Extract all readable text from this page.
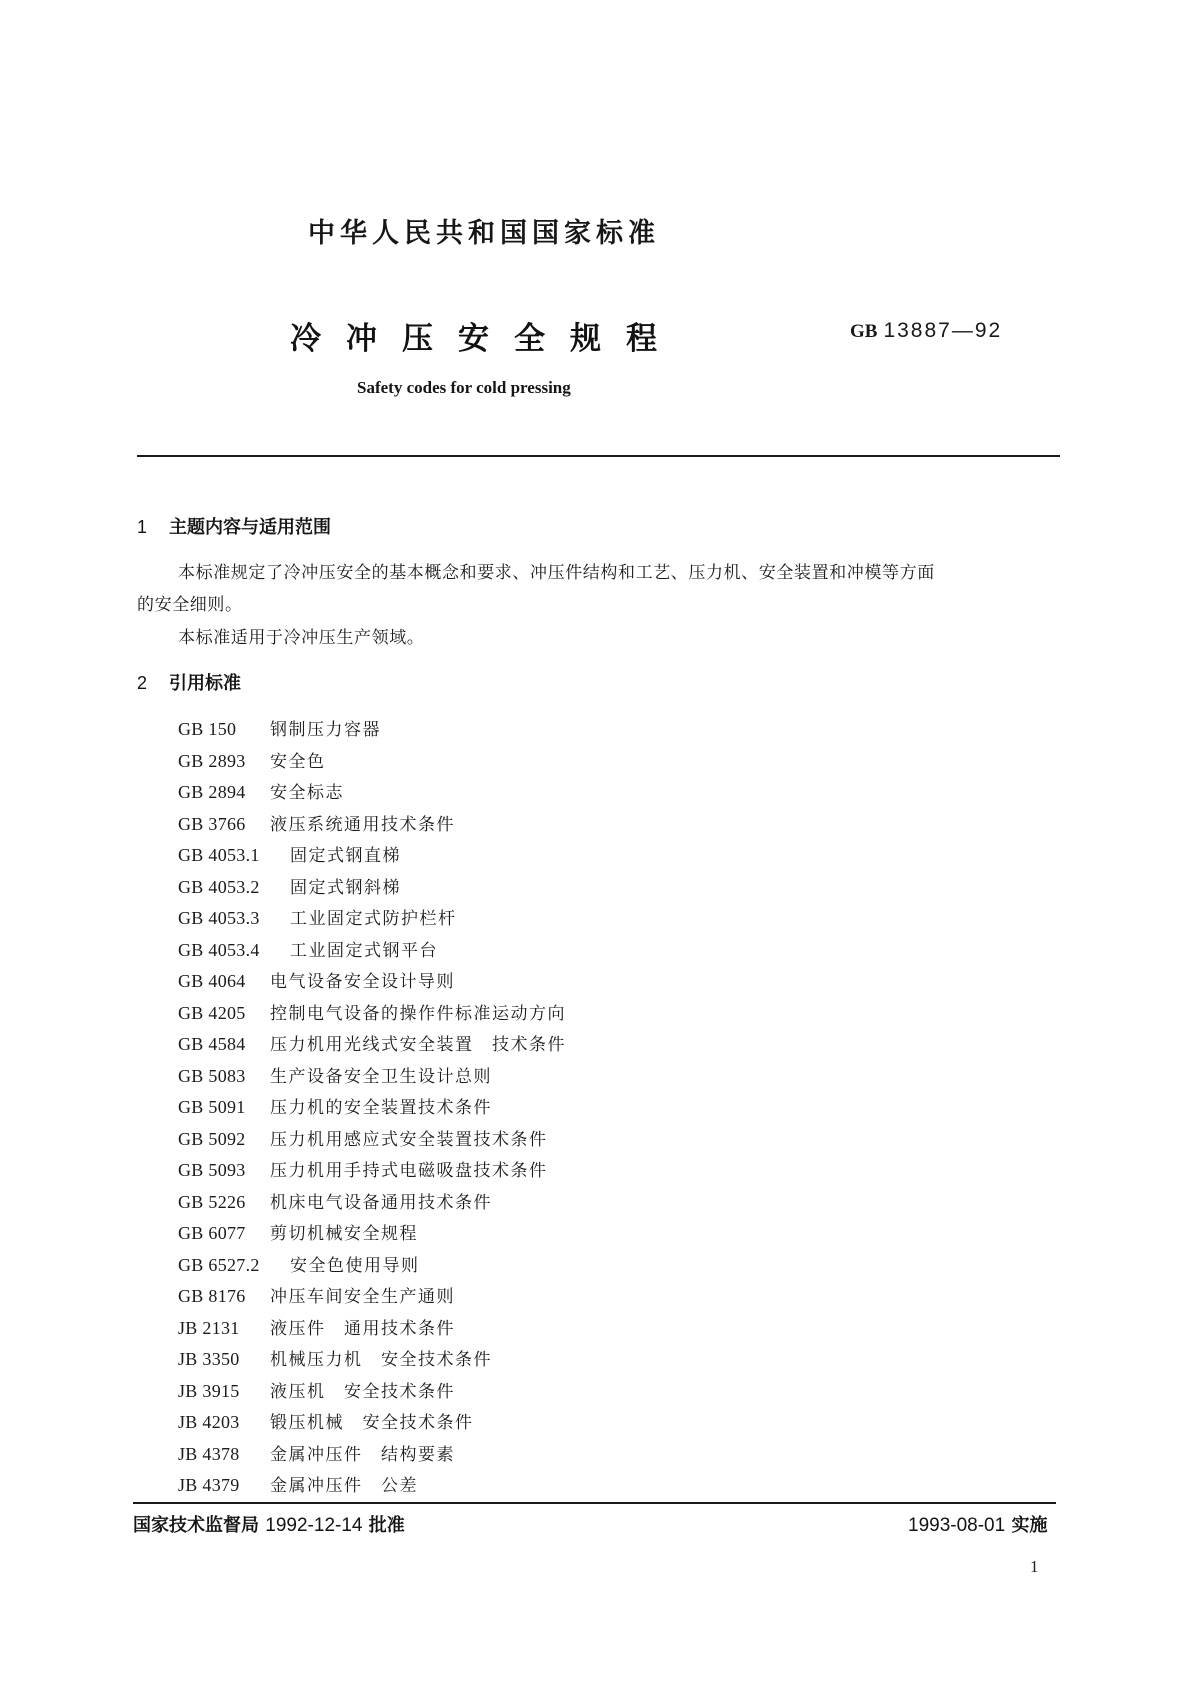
中华人民共和国国家标准
冷冲压安全规程	GB 13887—92
Safety codes for cold pressing
1 主题内容与适用范围
本标准规定了冷冲压安全的基本概念和要求、冲压件结构和工艺、压力机、安全装置和冲模等方面
的安全细则。
本标准适用于冷冲压生产领域。
2 引用标准
GB 150 钢制压力容器
GB 2893 安全色
GB 2894 安全标志
GB 3766 液压系统通用技术条件
GB 4053.1 固定式钢直梯
GB 4053.2 固定式钢斜梯
GB 4053.3 工业固定式防护栏杆
GB 4053.4 工业固定式钢平台
GB 4064 电气设备安全设计导则
GB 4205 控制电气设备的操作件标准运动方向
GB 4584 压力机用光线式安全装置　技术条件
GB 5083 生产设备安全卫生设计总则
GB 5091 压力机的安全装置技术条件
GB 5092 压力机用感应式安全装置技术条件
GB 5093 压力机用手持式电磁吸盘技术条件
GB 5226 机床电气设备通用技术条件
GB 6077 剪切机械安全规程
GB 6527.2 安全色使用导则
GB 8176 冲压车间安全生产通则
JB 2131 液压件　通用技术条件
JB 3350 机械压力机　安全技术条件
JB 3915 液压机　安全技术条件
JB 4203 锻压机械　安全技术条件
JB 4378 金属冲压件　结构要素
JB 4379 金属冲压件　公差
国家技术监督局 1992-12-14 批准	1993-08-01 实施
1
